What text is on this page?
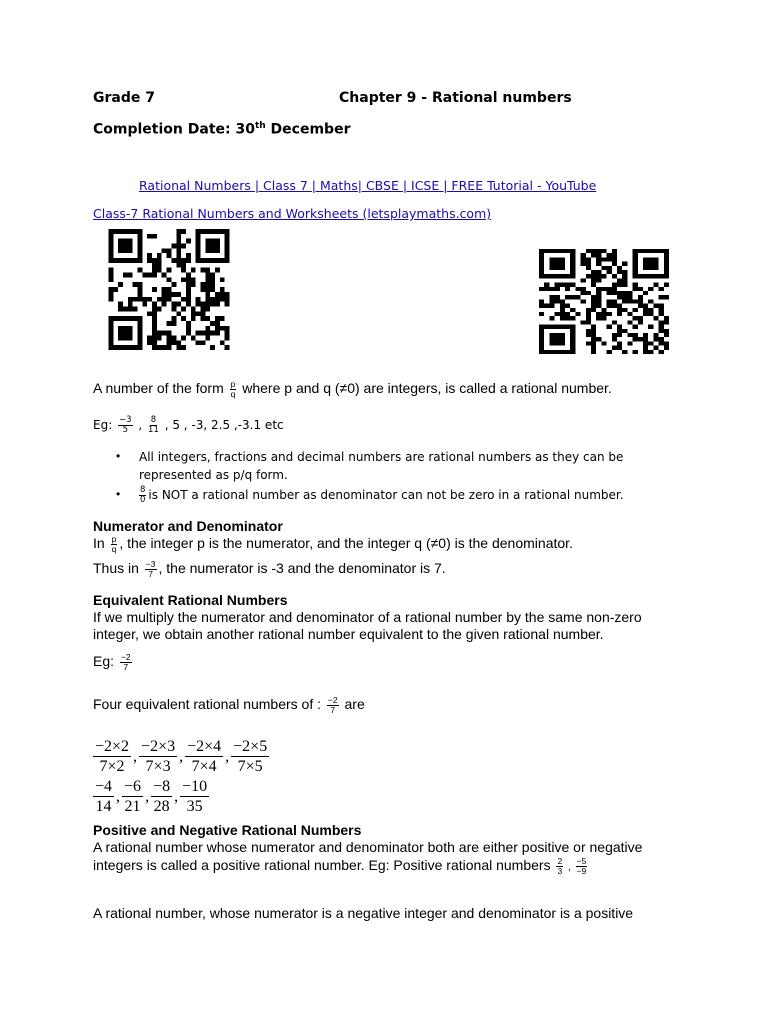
Grade 7	Chapter 9 - Rational numbers
Completion Date: 30th December
Rational Numbers | Class 7 | Maths| CBSE | ICSE | FREE Tutorial - YouTube
Class-7 Rational Numbers and Worksheets (letsplaymaths.com)
A number of the form $\frac{p}{q}$ where p and q (≠0) are integers, is called a rational number.
Eg: $\frac{-3}{5}$ , $\frac{8}{11}$ , 5 , -3, 2.5 ,-3.1 etc
• All integers, fractions and decimal numbers are rational numbers as they can be
represented as p/q form.
• $\frac{8}{0}$ is NOT a rational number as denominator can not be zero in a rational number.
Numerator and Denominator
In $\frac{p}{q}$ , the integer p is the numerator, and the integer q (≠0) is the denominator.
Thus in $\frac{-3}{7}$ , the numerator is -3 and the denominator is 7.
Equivalent Rational Numbers
If we multiply the numerator and denominator of a rational number by the same non-zero
integer, we obtain another rational number equivalent to the given rational number.
Eg: $\frac{-2}{7}$
Four equivalent rational numbers of : $\frac{-2}{7}$ are
$\frac{-2\times 2}{7\times 2}$ , $\frac{-2\times 3}{7\times 3}$ , $\frac{-2\times 4}{7\times 4}$ , $\frac{-2\times 5}{7\times 5}$
$\frac{-4}{14}$ , $\frac{-6}{21}$ , $\frac{-8}{28}$ , $\frac{-10}{35}$
Positive and Negative Rational Numbers
A rational number whose numerator and denominator both are either positive or negative
integers is called a positive rational number. Eg: Positive rational numbers $\frac{2}{3}$ , $\frac{-5}{-9}$
A rational number, whose numerator is a negative integer and denominator is a positive
